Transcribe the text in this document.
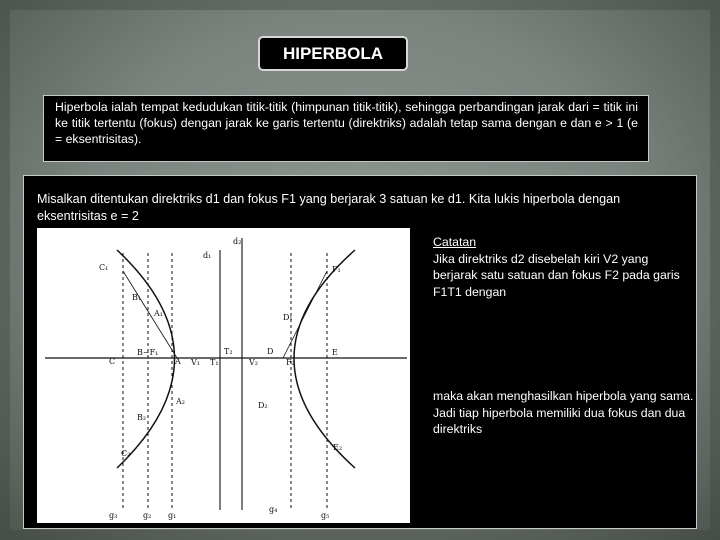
HIPERBOLA
Hiperbola ialah tempat kedudukan titik-titik (himpunan titik-titik), sehingga perbandingan jarak dari = titik ini ke titik tertentu (fokus) dengan jarak ke garis tertentu (direktriks) adalah tetap sama dengan e dan e > 1 (e = eksentrisitas).
Misalkan ditentukan direktriks d1 dan fokus F1 yang berjarak 3 satuan ke d1. Kita lukis hiperbola dengan eksentrisitas e = 2
d₁
d₂
C₁
B₁
A₁
C
B−F₁
A V₁
T₂
T₁	V₂
D
F₂
E
F₁
D₁
D₂
E₂
A₂
B₂
C₂
g₃	g₂ g₁
g₄
g₅
Catatan
Jika direktriks d2 disebelah kiri V2 yang berjarak satu satuan dan fokus F2 pada garis F1T1 dengan
maka akan menghasilkan hiperbola yang sama. Jadi tiap hiperbola memiliki dua fokus dan dua direktriks
